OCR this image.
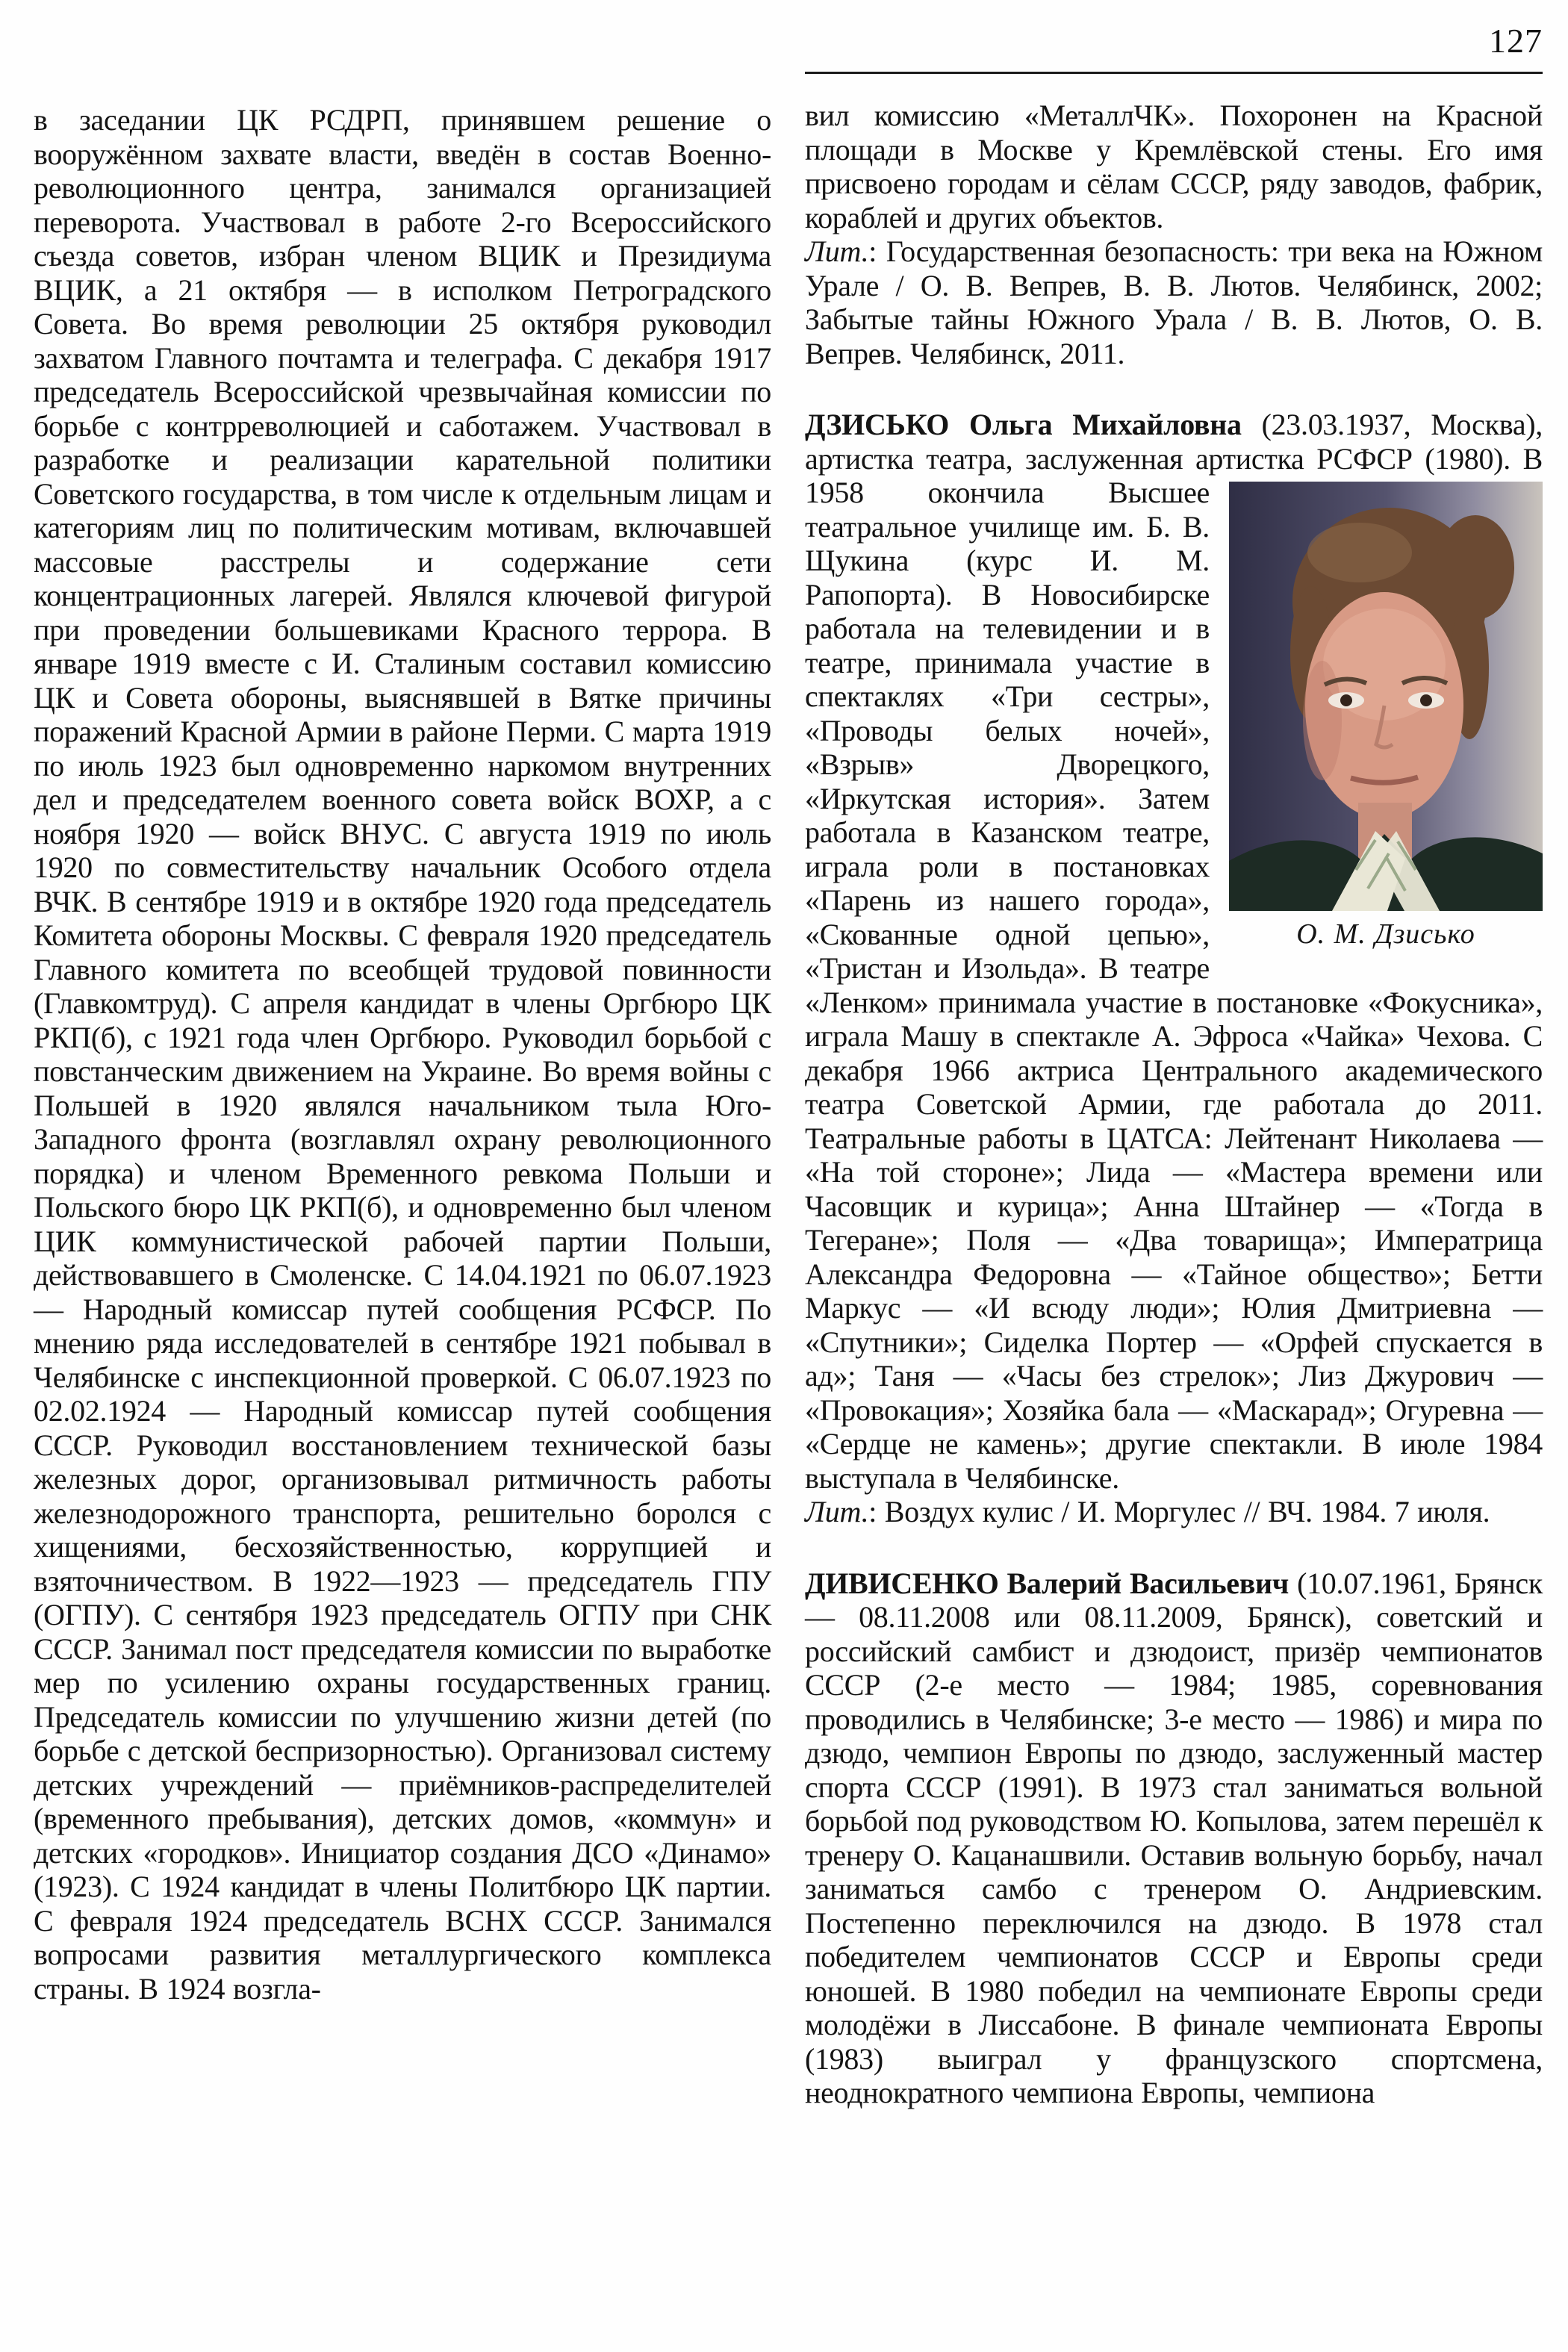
в заседании ЦК РСДРП, принявшем решение о вооружённом захвате власти, введён в состав Военно-революционного центра, занимался организацией переворота. Участвовал в работе 2-го Всероссийского съезда советов, избран членом ВЦИК и Президиума ВЦИК, а 21 октября — в исполком Петроградского Совета. Во время революции 25 октября руководил захватом Главного почтамта и телеграфа. С декабря 1917 председатель Всероссийской чрезвычайная комиссии по борьбе с контрреволюцией и саботажем. Участвовал в разработке и реализации карательной политики Советского государства, в том числе к отдельным лицам и категориям лиц по политическим мотивам, включавшей массовые расстрелы и содержание сети концентрационных лагерей. Являлся ключевой фигурой при проведении большевиками Красного террора. В январе 1919 вместе с И. Сталиным составил комиссию ЦК и Совета обороны, выяснявшей в Вятке причины поражений Красной Армии в районе Перми. С марта 1919 по июль 1923 был одновременно наркомом внутренних дел и председателем военного совета войск ВОХР, а с ноября 1920 — войск ВНУС. С августа 1919 по июль 1920 по совместительству начальник Особого отдела ВЧК. В сентябре 1919 и в октябре 1920 года председатель Комитета обороны Москвы. С февраля 1920 председатель Главного комитета по всеобщей трудовой повинности (Главкомтруд). С апреля кандидат в члены Оргбюро ЦК РКП(б), с 1921 года член Оргбюро. Руководил борьбой с повстанческим движением на Украине. Во время войны с Польшей в 1920 являлся начальником тыла Юго-Западного фронта (возглавлял охрану революционного порядка) и членом Временного ревкома Польши и Польского бюро ЦК РКП(б), и одновременно был членом ЦИК коммунистической рабочей партии Польши, действовавшего в Смоленске. С 14.04.1921 по 06.07.1923 — Народный комиссар путей сообщения РСФСР. По мнению ряда исследователей в сентябре 1921 побывал в Челябинске с инспекционной проверкой. С 06.07.1923 по 02.02.1924 — Народный комиссар путей сообщения СССР. Руководил восстановлением технической базы железных дорог, организовывал ритмичность работы железнодорожного транспорта, решительно боролся с хищениями, бесхозяйственностью, коррупцией и взяточничеством. В 1922—1923 — председатель ГПУ (ОГПУ). С сентября 1923 председатель ОГПУ при СНК СССР. Занимал пост председателя комиссии по выработке мер по усилению охраны государственных границ. Председатель комиссии по улучшению жизни детей (по борьбе с детской беспризорностью). Организовал систему детских учреждений — приёмников-распределителей (временного пребывания), детских домов, «коммун» и детских «городков». Инициатор создания ДСО «Динамо» (1923). С 1924 кандидат в члены Политбюро ЦК партии. С февраля 1924 председатель ВСНХ СССР. Занимался вопросами развития металлургического комплекса страны. В 1924 возгла-

127

вил комиссию «МеталлЧК». Похоронен на Красной площади в Москве у Кремлёвской стены. Его имя присвоено городам и сёлам СССР, ряду заводов, фабрик, кораблей и других объектов.

Лит.: Государственная безопасность: три века на Южном Урале / О. В. Вепрев, В. В. Лютов. Челябинск, 2002; Забытые тайны Южного Урала / В. В. Лютов, О. В. Вепрев. Челябинск, 2011.

ДЗИСЬКО Ольга Михайловна (23.03.1937, Москва), артистка театра, заслуженная артистка
О. М. Дзисько
РСФСР (1980). В 1958 окончила Высшее театральное училище им. Б. В. Щукина (курс И. М. Рапопорта). В Новосибирске работала на телевидении и в театре, принимала участие в спектаклях «Три сестры», «Проводы белых ночей», «Взрыв» Дворецкого, «Иркутская история». Затем работала в Казанском театре, играла роли в постановках «Парень из нашего города», «Скованные одной цепью», «Тристан и Изольда». В театре «Ленком» принимала участие в постановке «Фокусника», играла Машу в спектакле А. Эфроса «Чайка» Чехова. С декабря 1966 актриса Центрального академического театра Советской Армии, где работала до 2011. Театральные работы в ЦАТСА: Лейтенант Николаева — «На той стороне»; Лида — «Мастера времени или Часовщик и курица»; Анна Штайнер — «Тогда в Тегеране»; Поля — «Два товарища»; Императрица Александра Федоровна — «Тайное общество»; Бетти Маркус — «И всюду люди»; Юлия Дмитриевна — «Спутники»; Сиделка Портер — «Орфей спускается в ад»; Таня — «Часы без стрелок»; Лиз Джурович — «Провокация»; Хозяйка бала — «Маскарад»; Огуревна — «Сердце не камень»; другие спектакли. В июле 1984 выступала в Челябинске.

Лит.: Воздух кулис / И. Моргулес // ВЧ. 1984. 7 июля.

ДИВИСЕНКО Валерий Васильевич (10.07.1961, Брянск — 08.11.2008 или 08.11.2009, Брянск), советский и российский самбист и дзюдоист, призёр чемпионатов СССР (2-е место — 1984; 1985, соревнования проводились в Челябинске; 3-е место — 1986) и мира по дзюдо, чемпион Европы по дзюдо, заслуженный мастер спорта СССР (1991). В 1973 стал заниматься вольной борьбой под руководством Ю. Копылова, затем перешёл к тренеру О. Кацанашвили. Оставив вольную борьбу, начал заниматься самбо с тренером О. Андриевским. Постепенно переключился на дзюдо. В 1978 стал победителем чемпионатов СССР и Европы среди юношей. В 1980 победил на чемпионате Европы среди молодёжи в Лиссабоне. В финале чемпионата Европы (1983) выиграл у французского спортсмена, неоднократного чемпиона Европы, чемпиона
